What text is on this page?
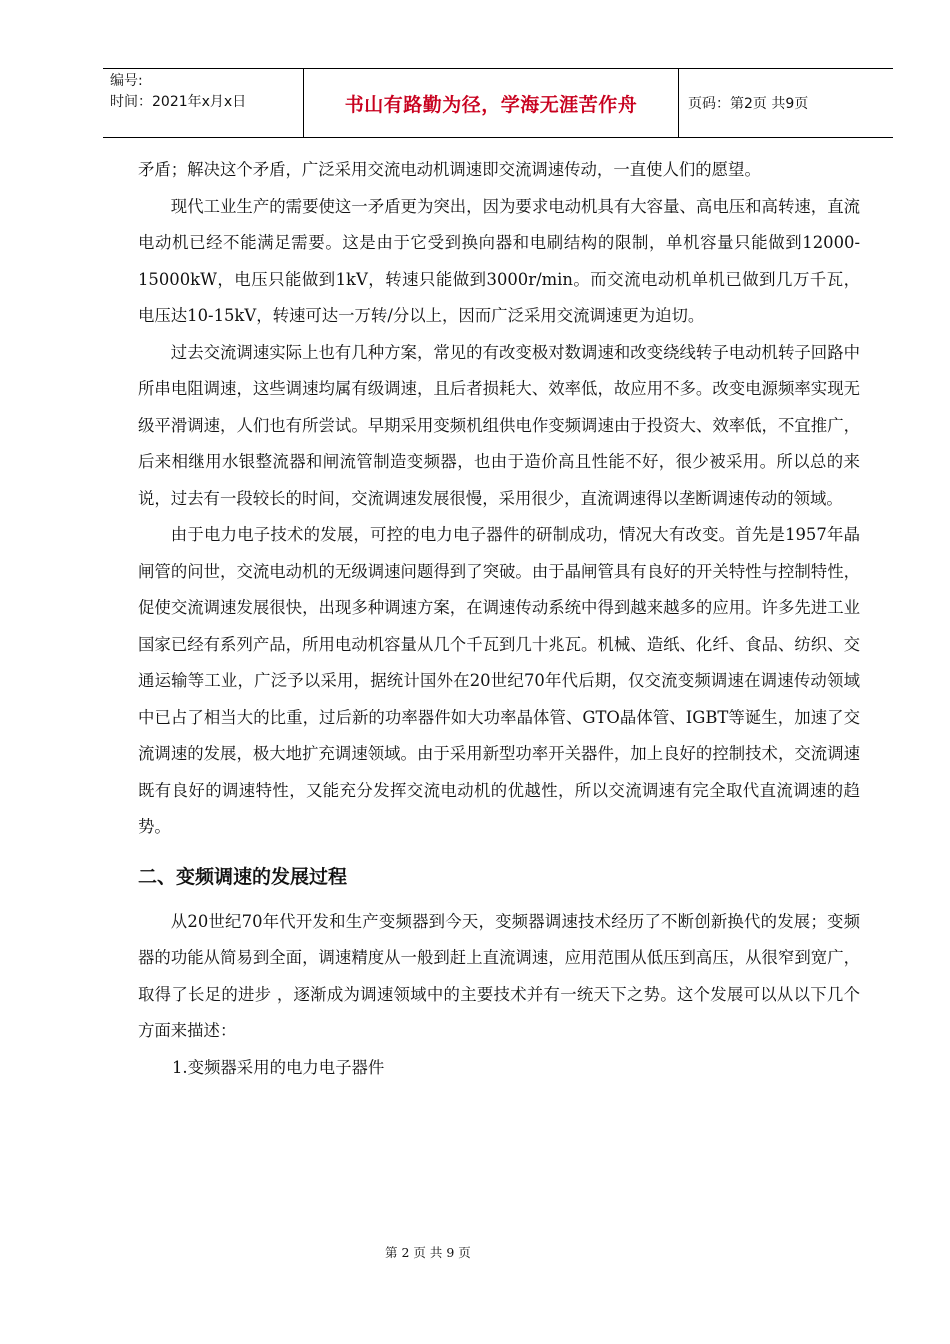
编号:
时间：2021年x月x日	书山有路勤为径，学海无涯苦作舟	页码：第2页 共9页

矛盾；解决这个矛盾，广泛采用交流电动机调速即交流调速传动，一直使人们的愿望。

现代工业生产的需要使这一矛盾更为突出，因为要求电动机具有大容量、高电压和高转速，直流电动机已经不能满足需要。这是由于它受到换向器和电刷结构的限制，单机容量只能做到12000-15000kW，电压只能做到1kV，转速只能做到3000r/min。而交流电动机单机已做到几万千瓦，电压达10-15kV，转速可达一万转/分以上，因而广泛采用交流调速更为迫切。

过去交流调速实际上也有几种方案，常见的有改变极对数调速和改变绕线转子电动机转子回路中所串电阻调速，这些调速均属有级调速，且后者损耗大、效率低，故应用不多。改变电源频率实现无级平滑调速，人们也有所尝试。早期采用变频机组供电作变频调速由于投资大、效率低，不宜推广，后来相继用水银整流器和闸流管制造变频器，也由于造价高且性能不好，很少被采用。所以总的来说，过去有一段较长的时间，交流调速发展很慢，采用很少，直流调速得以垄断调速传动的领域。

由于电力电子技术的发展，可控的电力电子器件的研制成功，情况大有改变。首先是1957年晶闸管的问世，交流电动机的无级调速问题得到了突破。由于晶闸管具有良好的开关特性与控制特性，促使交流调速发展很快，出现多种调速方案，在调速传动系统中得到越来越多的应用。许多先进工业国家已经有系列产品，所用电动机容量从几个千瓦到几十兆瓦。机械、造纸、化纤、食品、纺织、交通运输等工业，广泛予以采用，据统计国外在20世纪70年代后期，仅交流变频调速在调速传动领域中已占了相当大的比重，过后新的功率器件如大功率晶体管、GTO晶体管、IGBT等诞生，加速了交流调速的发展，极大地扩充调速领域。由于采用新型功率开关器件，加上良好的控制技术，交流调速既有良好的调速特性，又能充分发挥交流电动机的优越性，所以交流调速有完全取代直流调速的趋势。

二、变频调速的发展过程

从20世纪70年代开发和生产变频器到今天，变频器调速技术经历了不断创新换代的发展；变频器的功能从简易到全面，调速精度从一般到赶上直流调速，应用范围从低压到高压，从很窄到宽广，取得了长足的进步 ，逐渐成为调速领域中的主要技术并有一统天下之势。这个发展可以从以下几个方面来描述：

1.变频器采用的电力电子器件

第 2 页 共 9 页
